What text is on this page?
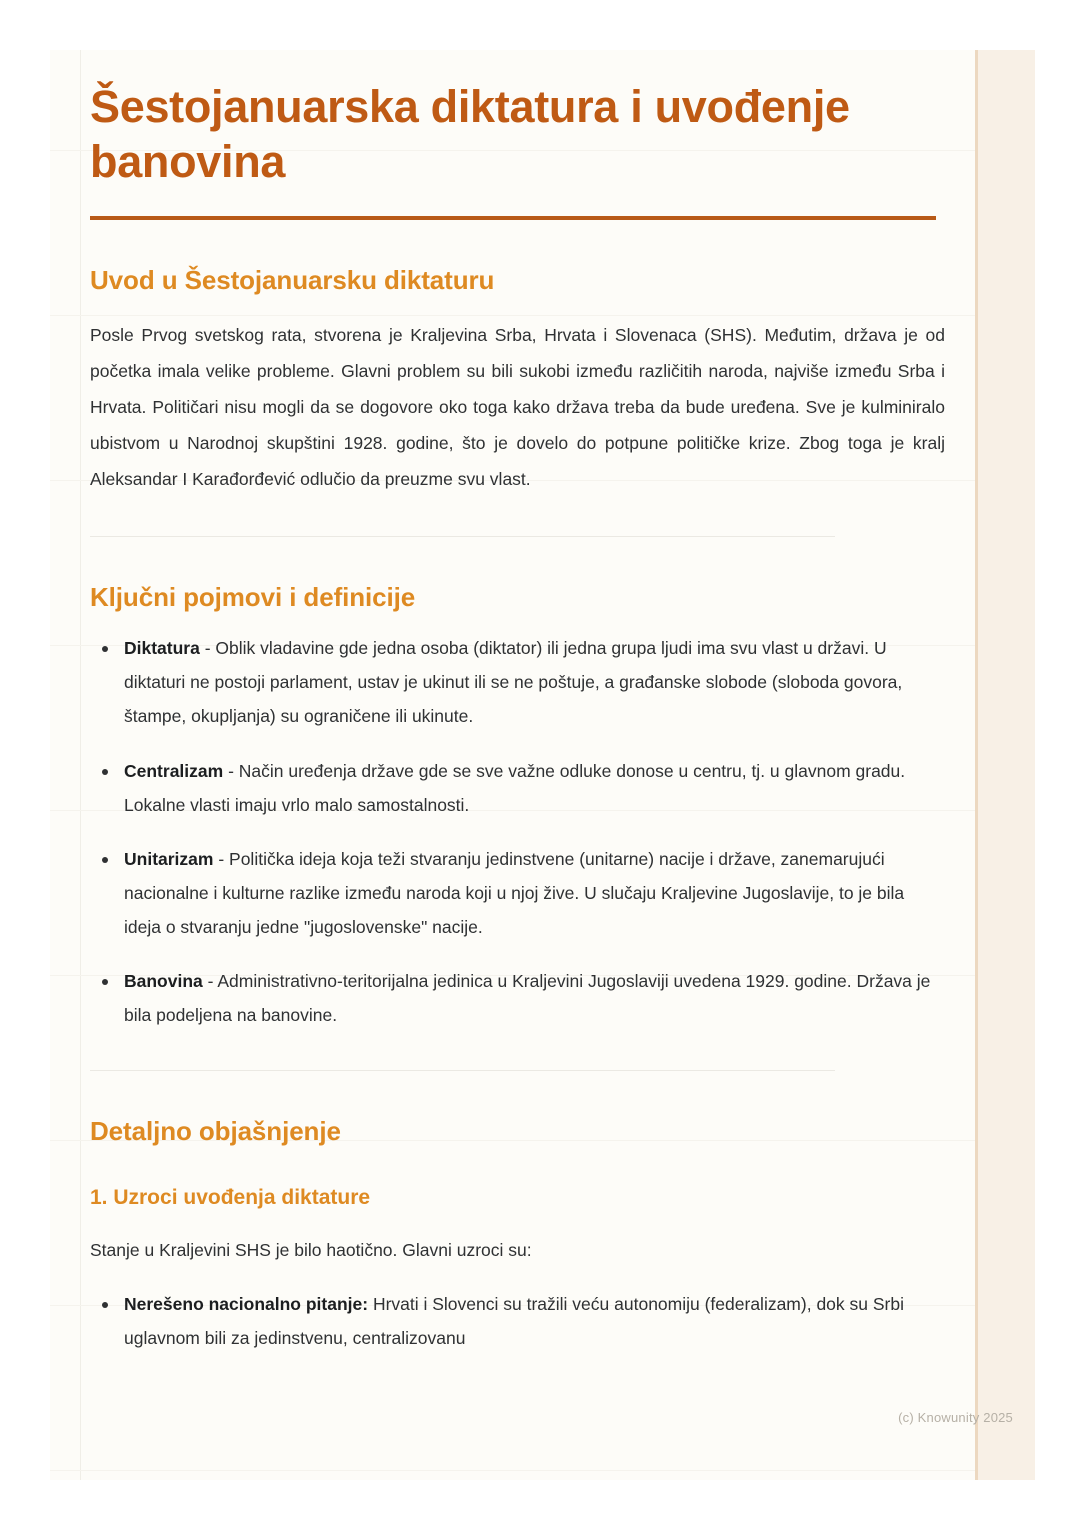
Šestojanuarska diktatura i uvođenje banovina
Uvod u Šestojanuarsku diktaturu

Posle Prvog svetskog rata, stvorena je Kraljevina Srba, Hrvata i Slovenaca (SHS). Međutim, država je od početka imala velike probleme. Glavni problem su bili sukobi između različitih naroda, najviše između Srba i Hrvata. Političari nisu mogli da se dogovore oko toga kako država treba da bude uređena. Sve je kulminiralo ubistvom u Narodnoj skupštini 1928. godine, što je dovelo do potpune političke krize. Zbog toga je kralj Aleksandar I Karađorđević odlučio da preuzme svu vlast.

Ključni pojmovi i definicije
Diktatura - Oblik vladavine gde jedna osoba (diktator) ili jedna grupa ljudi ima svu vlast u državi. U diktaturi ne postoji parlament, ustav je ukinut ili se ne poštuje, a građanske slobode (sloboda govora, štampe, okupljanja) su ograničene ili ukinute.
Centralizam - Način uređenja države gde se sve važne odluke donose u centru, tj. u glavnom gradu. Lokalne vlasti imaju vrlo malo samostalnosti.
Unitarizam - Politička ideja koja teži stvaranju jedinstvene (unitarne) nacije i države, zanemarujući nacionalne i kulturne razlike između naroda koji u njoj žive. U slučaju Kraljevine Jugoslavije, to je bila ideja o stvaranju jedne "jugoslovenske" nacije.
Banovina - Administrativno-teritorijalna jedinica u Kraljevini Jugoslaviji uvedena 1929. godine. Država je bila podeljena na banovine.
Detaljno objašnjenje
1. Uzroci uvođenja diktature

Stanje u Kraljevini SHS je bilo haotično. Glavni uzroci su:

Nerešeno nacionalno pitanje: Hrvati i Slovenci su tražili veću autonomiju (federalizam), dok su Srbi uglavnom bili za jedinstvenu, centralizovanu
(c) Knowunity 2025
